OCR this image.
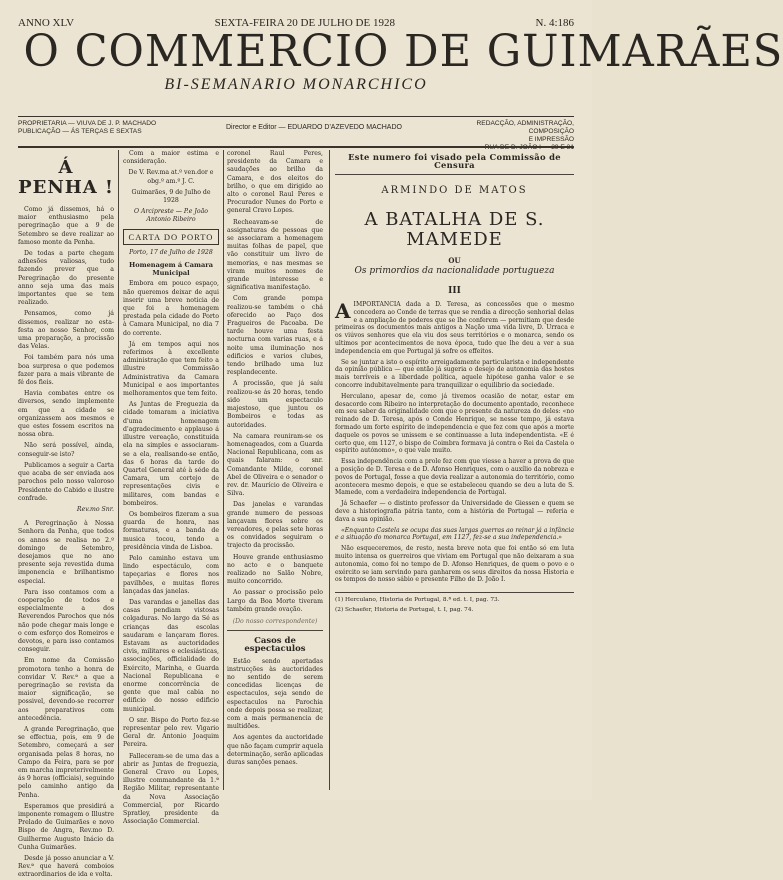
ANNO XLV	SEXTA-FEIRA 20 DE JULHO DE 1928	N. 4:186
O COMMERCIO DE GUIMARÃES
BI-SEMANARIO MONARCHICO
PROPRIETARIA — VIUVA DE J. P. MACHADO
PUBLICAÇÃO — ÁS TERÇAS E SEXTAS
Director e Editor — EDUARDO D'AZEVEDO MACHADO
REDACÇÃO, ADMINISTRAÇÃO, COMPOSIÇÃO
E IMPRESSÃO
Á PENHA !

Como já dissemos, há o maior enthusiasmo pela peregrinação que a 9 de Setembro se deve realizar ao famoso monte da Penha.

De todas a parte chegam adhesões valiosas, tudo fazendo prever que a Peregrinação do presente anno seja uma das mais importantes que se tem realizado.

Pensamos, como já dissemos, realizar no esta-festa ao nosso Senhor, com uma preparação, a procissão das Velas.

Foi também para nós uma boa surpresa o que podemos fazer para a mais vibrante de fé dos fieis.

Havia combates entre os diversos, sendo implemente em que a cidade se organizassem aos mesmos e que estes fossem escritos na nossa obra.

Não será possível, ainda, conseguir-se isto?

Publicamos a seguir a Carta que acaba de ser enviada aos parochos pelo nosso valoroso Presidente do Cabido e ilustre confrade.

Rev.mo Snr.

A Peregrinação à Nossa Senhora da Penha, que todos os annos se realisa no 2.º domingo de Setembro, desejamos que no ano presente seja revestida duma imponencia e brilhantismo especial.

Para isso contamos com a cooperação de todos e especialmente a dos Reverendos Parochos que nós não pode chegar mais longe e o com esforço dos Romeiros e devotos, e para isso contamos conseguir.

Em nome da Comissão promotora tenho a honra de convidar V. Rev.ª a que a peregrinação se revista da maior significação, se possivel, devendo-se recorrer aos preparativos com antecedência.

A grande Peregrinação, que se effectua, pois, em 9 de Setembro, começará a ser organisada pelas 8 horas, no Campo da Feira, para se por em marcha impreterivelmente ás 9 horas (officiais), seguindo pelo caminho antigo da Penha.

Esperamos que presidirá a imponente romagem o Illustre Prelado de Guimarães e novo Bispo de Angra, Rev.mo D. Guilherme Augusto Inácio da Cunha Guimarães.

Desde já posso anunciar a V. Rev.ª que haverá comboios extraordinarios de ida e volta.

Com a maior estima e consideração.

De V. Rev.ma at.º ven.dor e obg.º am.º J. C.

Guimarães, 9 de Julho de 1928

O Arcipreste — P.e João Antonio Ribeiro

CARTA DO PORTO
Porto, 17 de Julho de 1928
Homenagem á Camara Municipal

Embora em pouco espaço, não queremos deixar de aqui inserir uma breve noticia de que foi a homenagem prestada pela cidade do Porto à Camara Municipal, no dia 7 do corrente.

Já em tempos aqui nos referimos à excellente administração que tem feito a illustre Commissão Administrativa da Camara Municipal e aos importantes melhoramentos que tem feito.

As Juntas de Freguezia da cidade tomaram a iniciativa d'uma homenagem d'agradecimento e applauso á illustre vereação, constituida ela na simples e associaram-se a ela, realisando-se então, das 6 horas da tarde do Quartel General até à séde da Camara, um cortejo de representações civis e militares, com bandas e bombeiros.

Os bombeiros fizeram a sua guarda de honra, nas formaturas, e a banda de musica tocou, tendo a presidência vinda de Lisboa.

Pelo caminho estava um lindo espectáculo, com tapeçarias e flores nos pavilhões, e muitas flores lançadas das janelas.

Das varandas e janellas das casas pendiam vistosas colgaduras. No largo da Sé as crianças das escolas saudaram e lançaram flores. Estavam as auctoridades civis, militares e eclesiásticas, associações, officialidade do Exército, Marinha, e Guarda Nacional Republicana e enorme concorrência de gente que mal cabia no edificio do nosso edificio municipal.

O snr. Bispo do Porto fez-se representar pelo rev. Vigario Geral dr. Antonio Joaquim Pereira.

Falleceram-se de uma das a abrir as Juntas de freguezia, General Cravo ou Lopes, illustre commandante da 1.ª Região Militar, representante da Nova Associação Commercial, por Ricardo Spratley, presidente da Associação Commercial.

coronel Raul Peres, presidente da Camara e saudações ao brilho da Camara, e dos eleitos do brilho, o que em dirigido ao alto o coronel Raul Peres e Procurador Nunes do Porto e general Cravo Lopes.

Recheavam-se de assignaturas de pessoas que se associaram a homenagem muitas folhas de papel, que vão constituir um livro de memorias, e nas mesmas se viram muitos nomes de grande interesse e significativa manifestação.

Com grande pompa realizou-se também o chá oferecido ao Paço dos Fragueiros de Pacoaba. De tarde houve uma festa nocturna com varias ruas, e á noite uma iluminação nos edificios e varios clubes, tendo brilhado uma luz resplandecente.

A procissão, que já saíu realizou-se ás 20 horas, tendo sido um espectaculo majestoso, que juntou os Bombeiros e todas as autoridades.

Na camara reuniram-se os homenageados, com a Guarda Nacional Republicana, com as quais falaram: o snr. Comandante Milde, coronel Abel de Oliveira e o senador o rev. dr. Maurício de Oliveira e Silva.

Das janelas e varandas grande numero de pessoas lançavam flores sobre os vereadores, e pelas sete horas os convidados seguiram o trajecto da procissão.

Houve grande enthusiasmo no acto e o banquete realizado no Salão Nobre, muito concorrido.

Ao passar o procissão pelo Largo da Boa Morte tiveram também grande ovação.

(Do nosso correspondente)
Casos de espectaculos

Estão sendo apertadas instrucções às auctoridades no sentido de serem concedidas licenças de espectaculos, seja sendo de espectaculos na Parochia onde depois possa se realizar, com a mais permanencia de multidões.

Aos agentes da auctoridade que não façam cumprir aquela determinação, serão aplicadas duras sanções penaes.

Este numero foi visado pela Commissão de Censura
ARMINDO DE MATOS
A BATALHA DE S. MAMEDE
OU
Os primordios da nacionalidade portugueza
III

AIMPORTANCIA dada a D. Teresa, as concessões que o mesmo concedera ao Conde de terras que se rendia a direcção senhorial delas e a ampliação de poderes que se lhe conferem — permitiam que desde primeiras os documentos mais antigos a Nação uma vida livre, D. Urraca e os viúvos senhores que ela viu dos seus territórios e o monarca, sendo os ultimos por acontecimentos de nova época, tudo que lhe deu a ver a sua independencia em que Portugal já sofre os effeitos.

Se se juntar a isto o espírito arreigadamente particularista e independente da opinião pública — que então já sugeria o desejo de autonomia das hostes mais terríveis e a liberdade política, aquele hipótese ganha valor e se concorre indubitavelmente para tranquilizar o equilibrio da sociedade.

Herculano, apesar de, como já tivemos ocasião de notar, estar em desacordo com Ribeiro no interpretação do documento apontado, reconhece em seu saber da originalidade com que o presente da natureza do deles: «no reinado de D. Teresa, após o Conde Henrique, se nesse tempo, já estava formado um forte espírito de independencia e que fez com que após a morte daquele os povos se unissem e se continuasse a luta independentista. «E é certo que, em 1127, o bispo de Coimbra formava já contra o Rei da Castela o espírito autónomo», o que vale muito.

Essa independência com a prole fez com que viesse a haver a prova de que a posição de D. Teresa e de D. Afonso Henriques, com o auxílio da nobreza e povos de Portugal, fosse a que devia realizar a autonomia do território, como acontecera mesmo depois, e que se estabeleceu quando se deu a luta de S. Mamede, com a verdadeira independencia de Portugal.

Já Schaefer — o distinto professor da Universidade de Giessen e quem se deve a historiografia pátria tanto, com a história de Portugal — referia e dava a sua opinião.

«Enquanto Castela se ocupa das suas largas guerras ao reinar já a infância e a situação do monarca Portugal, em 1127, fez-se a sua independencia.»

Não esqueceremos, de resto, nesta breve nota que foi então só em luta muito intensa os guerreiros que viviam em Portugal que não deixaram a sua autonomia, como foi no tempo de D. Afonso Henriques, de quem o povo e o exército se iam servindo para ganharem os seus direitos da nossa Historia e os tempos do nosso sábio e presente Filho de D. João I.

(1) Herculano, Historia de Portugal, 8.ª ed. t. I, pag. 73.
(2) Schaefer, Historia de Portugal, t. I, pag. 74.
